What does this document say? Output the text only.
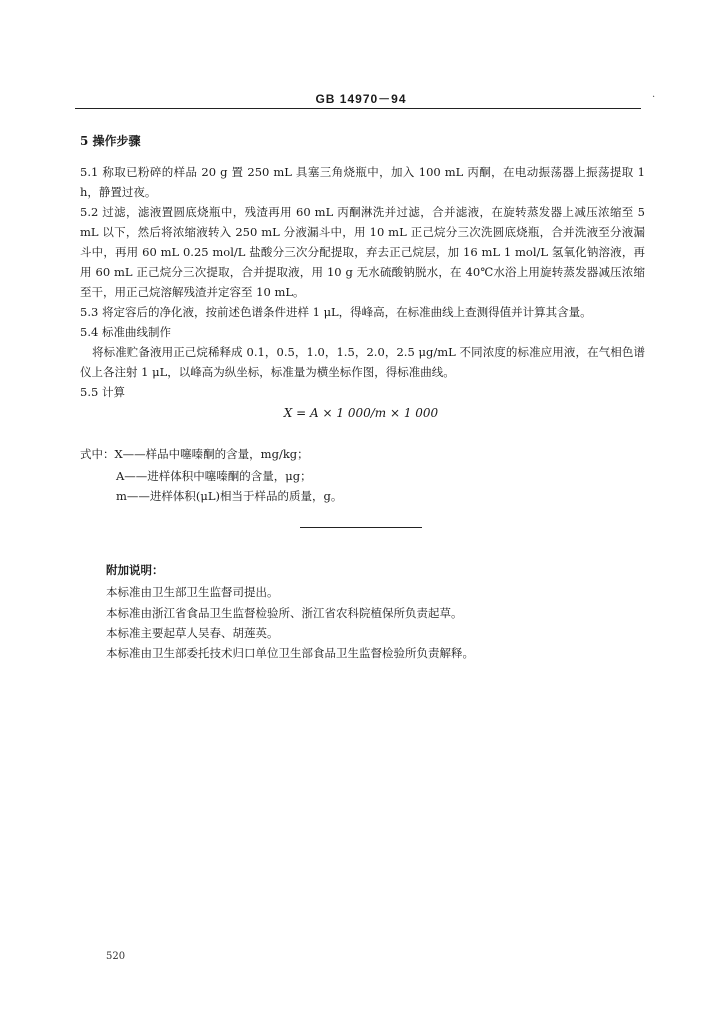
GB 14970－94	·
5 操作步骤
5.1 称取已粉碎的样品 20 g 置 250 mL 具塞三角烧瓶中，加入 100 mL 丙酮，在电动振荡器上振荡提取 1 h，静置过夜。
5.2 过滤，滤液置圆底烧瓶中，残渣再用 60 mL 丙酮淋洗并过滤，合并滤液，在旋转蒸发器上减压浓缩至 5 mL 以下，然后将浓缩液转入 250 mL 分液漏斗中，用 10 mL 正己烷分三次洗圆底烧瓶，合并洗液至分液漏斗中，再用 60 mL 0.25 mol/L 盐酸分三次分配提取，弃去正己烷层，加 16 mL 1 mol/L 氢氧化钠溶液，再用 60 mL 正己烷分三次提取，合并提取液，用 10 g 无水硫酸钠脱水，在 40℃水浴上用旋转蒸发器减压浓缩至干，用正己烷溶解残渣并定容至 10 mL。
5.3 将定容后的净化液，按前述色谱条件进样 1 μL，得峰高，在标准曲线上查测得值并计算其含量。
5.4 标准曲线制作
将标准贮备液用正己烷稀释成 0.1，0.5，1.0，1.5，2.0，2.5 μg/mL 不同浓度的标准应用液，在气相色谱仪上各注射 1 μL，以峰高为纵坐标，标准量为横坐标作图，得标准曲线。
5.5 计算
X = A × 1 000/m × 1 000
式中：X——样品中噻嗪酮的含量，mg/kg；
A——进样体积中噻嗪酮的含量，μg；
m——进样体积(μL)相当于样品的质量，g。
附加说明：
本标准由卫生部卫生监督司提出。
本标准由浙江省食品卫生监督检验所、浙江省农科院植保所负责起草。
本标准主要起草人吴春、胡莲英。
本标准由卫生部委托技术归口单位卫生部食品卫生监督检验所负责解释。
520
